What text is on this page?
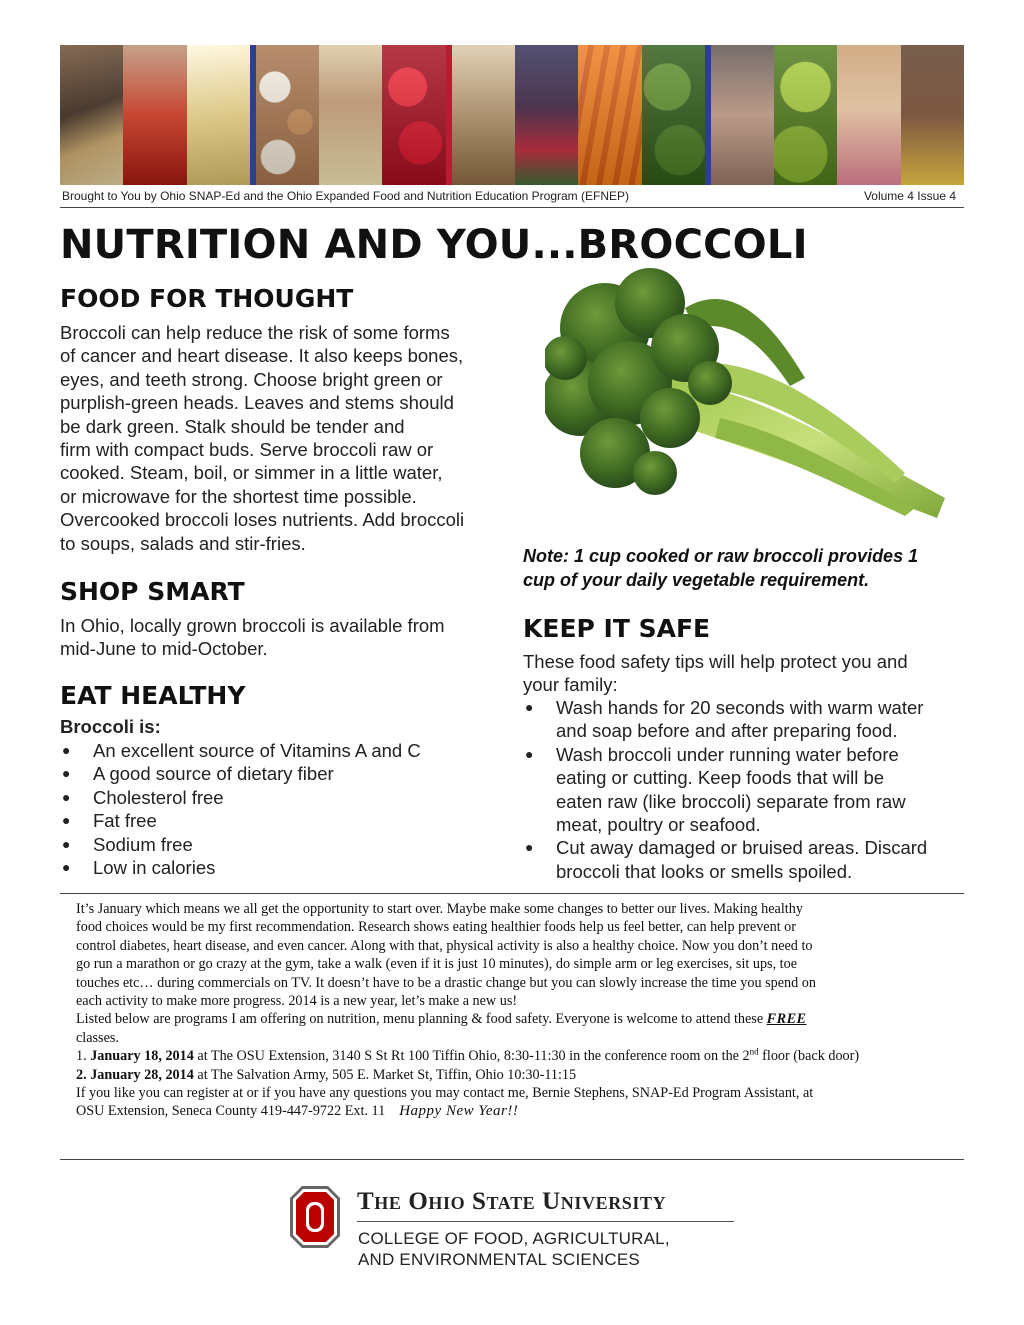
Brought to You by Ohio SNAP-Ed and the Ohio Expanded Food and Nutrition Education Program (EFNEP)	Volume 4 Issue 4
NUTRITION AND YOU...BROCCOLI
FOOD FOR THOUGHT

Broccoli can help reduce the risk of some forms
of cancer and heart disease. It also keeps bones,
eyes, and teeth strong. Choose bright green or
purplish-green heads. Leaves and stems should
be dark green. Stalk should be tender and
firm with compact buds. Serve broccoli raw or
cooked. Steam, boil, or simmer in a little water,
or microwave for the shortest time possible.
Overcooked broccoli loses nutrients. Add broccoli
to soups, salads and stir-fries.

Note: 1 cup cooked or raw broccoli provides 1
cup of your daily vegetable requirement.

SHOP SMART

In Ohio, locally grown broccoli is available from
mid-June to mid-October.

EAT HEALTHY

Broccoli is:

● An excellent source of Vitamins A and C
● A good source of dietary fiber
● Cholesterol free
● Fat free
● Sodium free
● Low in calories
KEEP IT SAFE

These food safety tips will help protect you and
your family:

● Wash hands for 20 seconds with warm water
and soap before and after preparing food.
● Wash broccoli under running water before
eating or cutting. Keep foods that will be
eaten raw (like broccoli) separate from raw
meat, poultry or seafood.
● Cut away damaged or bruised areas. Discard
broccoli that looks or smells spoiled.

It’s January which means we all get the opportunity to start over. Maybe make some changes to better our lives. Making healthy
food choices would be my first recommendation. Research shows eating healthier foods help us feel better, can help prevent or
control diabetes, heart disease, and even cancer. Along with that, physical activity is also a healthy choice. Now you don’t need to
go run a marathon or go crazy at the gym, take a walk (even if it is just 10 minutes), do simple arm or leg exercises, sit ups, toe
touches etc… during commercials on TV. It doesn’t have to be a drastic change but you can slowly increase the time you spend on
each activity to make more progress. 2014 is a new year, let’s make a new us!

Listed below are programs I am offering on nutrition, menu planning & food safety. Everyone is welcome to attend these FREE
classes.

1. January 18, 2014 at The OSU Extension, 3140 S St Rt 100 Tiffin Ohio, 8:30-11:30 in the conference room on the 2nd floor (back door)

2. January 28, 2014 at The Salvation Army, 505 E. Market St, Tiffin, Ohio 10:30-11:15

If you like you can register at or if you have any questions you may contact me, Bernie Stephens, SNAP-Ed Program Assistant, at
OSU Extension, Seneca County 419-447-9722 Ext. 11 Happy New Year!!

The Ohio State University
COLLEGE OF FOOD, AGRICULTURAL,
AND ENVIRONMENTAL SCIENCES
